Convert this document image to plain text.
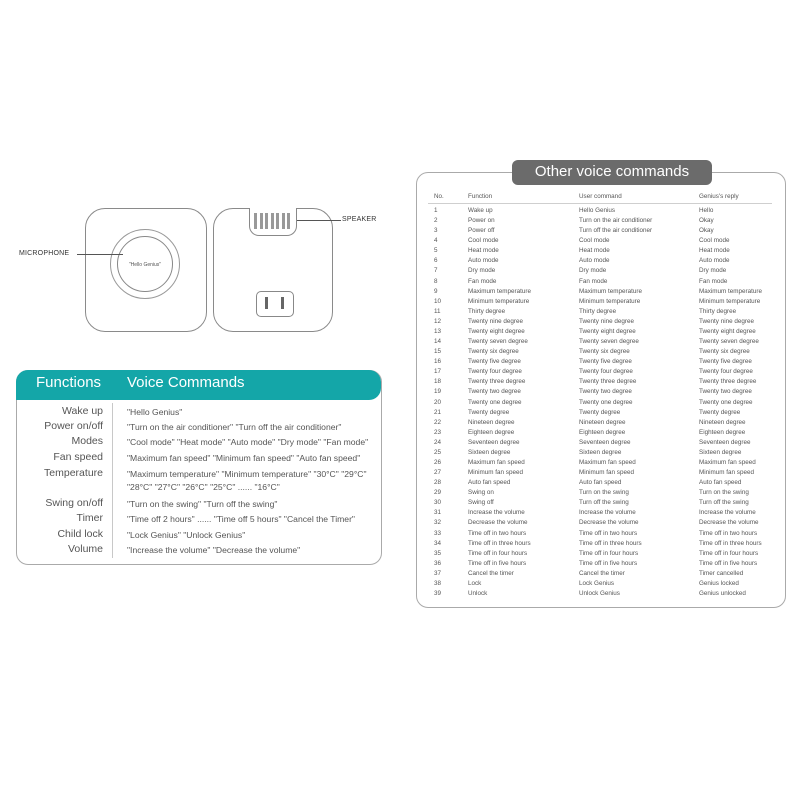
"Hello Genius"
MICROPHONE
SPEAKER
Functions Voice Commands
Wake up	"Hello Genius"
Power on/off	"Turn on the air conditioner" "Turn off the air conditioner"
Modes	"Cool mode" "Heat mode" "Auto mode" "Dry mode" "Fan mode"
Fan speed	"Maximum fan speed" "Minimum fan speed" "Auto fan speed"
Temperature	"Maximum temperature" "Minimum temperature" "30°C" "29°C"
"28°C" "27°C" "26°C" "25°C" ...... "16°C"
Swing on/off	"Turn on the swing" "Turn off the swing"
Timer	"Time off 2 hours" ...... "Time off 5 hours" "Cancel the Timer"
Child lock	"Lock Genius" "Unlock Genius"
Volume	"Increase the volume" "Decrease the volume"
Other voice commands
No.	Function	User command	Genius's reply
1	Wake up	Hello Genius	Hello
2	Power on	Turn on the air conditioner	Okay
3	Power off	Turn off the air conditioner	Okay
4	Cool mode	Cool mode	Cool mode
5	Heat mode	Heat mode	Heat mode
6	Auto mode	Auto mode	Auto mode
7	Dry mode	Dry mode	Dry mode
8	Fan mode	Fan mode	Fan mode
9	Maximum temperature	Maximum temperature	Maximum temperature
10	Minimum temperature	Minimum temperature	Minimum temperature
11	Thirty degree	Thirty degree	Thirty degree
12	Twenty nine degree	Twenty nine degree	Twenty nine degree
13	Twenty eight degree	Twenty eight degree	Twenty eight degree
14	Twenty seven degree	Twenty seven degree	Twenty seven degree
15	Twenty six degree	Twenty six degree	Twenty six degree
16	Twenty five degree	Twenty five degree	Twenty five degree
17	Twenty four degree	Twenty four degree	Twenty four degree
18	Twenty three degree	Twenty three degree	Twenty three degree
19	Twenty two degree	Twenty two degree	Twenty two degree
20	Twenty one degree	Twenty one degree	Twenty one degree
21	Twenty degree	Twenty degree	Twenty degree
22	Nineteen degree	Nineteen degree	Nineteen degree
23	Eighteen degree	Eighteen degree	Eighteen degree
24	Seventeen degree	Seventeen degree	Seventeen degree
25	Sixteen degree	Sixteen degree	Sixteen degree
26	Maximum fan speed	Maximum fan speed	Maximum fan speed
27	Minimum fan speed	Minimum fan speed	Minimum fan speed
28	Auto fan speed	Auto fan speed	Auto fan speed
29	Swing on	Turn on the swing	Turn on the swing
30	Swing off	Turn off the swing	Turn off the swing
31	Increase the volume	Increase the volume	Increase the volume
32	Decrease the volume	Decrease the volume	Decrease the volume
33	Time off in two hours	Time off in two hours	Time off in two hours
34	Time off in three hours	Time off in three hours	Time off in three hours
35	Time off in four hours	Time off in four hours	Time off in four hours
36	Time off in five hours	Time off in five hours	Time off in five hours
37	Cancel the timer	Cancel the timer	Timer cancelled
38	Lock	Lock Genius	Genius locked
39	Unlock	Unlock Genius	Genius unlocked
